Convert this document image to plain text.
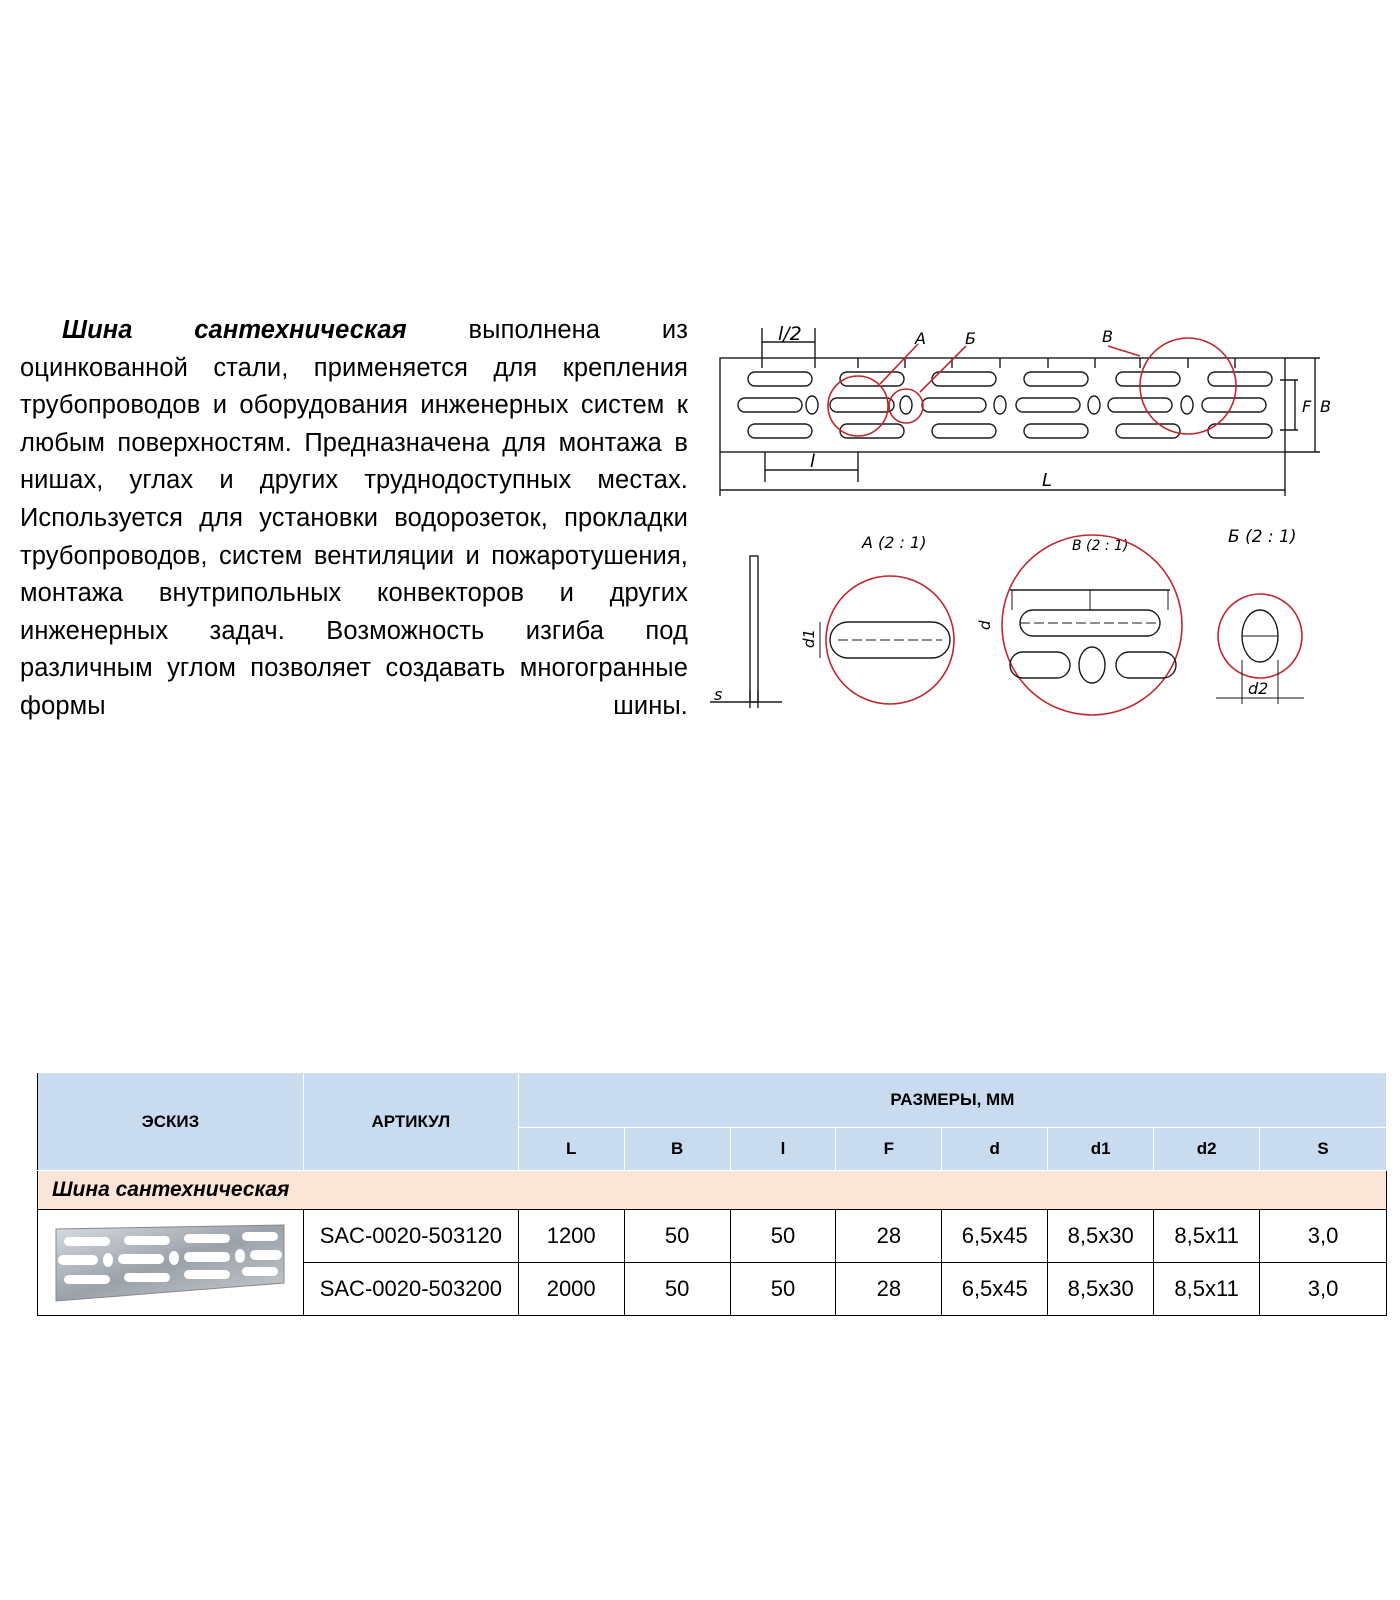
Шина сантехническая выполнена из оцинкованной стали, применяется для крепления трубопроводов и оборудования инженерных систем к любым поверхностям. Предназначена для монтажа в нишах, углах и других труднодоступных местах. Используется для установки водорозеток, прокладки трубопроводов, систем вентиляции и пожаротушения, монтажа внутрипольных конвекторов и других инженерных задач. Возможность изгиба под различным углом позволяет создавать многогранные формы шины.
l/2	А Б	В
F B
l
L
s
А (2 : 1)
d1
В (2 : 1)
d
Б (2 : 1)
d2
ЭСКИЗ	АРТИКУЛ	РАЗМЕРЫ, ММ							
		L	B	l	F	d	d1	d2	S
Шина сантехническая									

	SAC-0020-503120	1200	50	50	28	6,5x45	8,5x30	8,5x11	3,0
	SAC-0020-503200	2000	50	50	28	6,5x45	8,5x30	8,5x11	3,0
